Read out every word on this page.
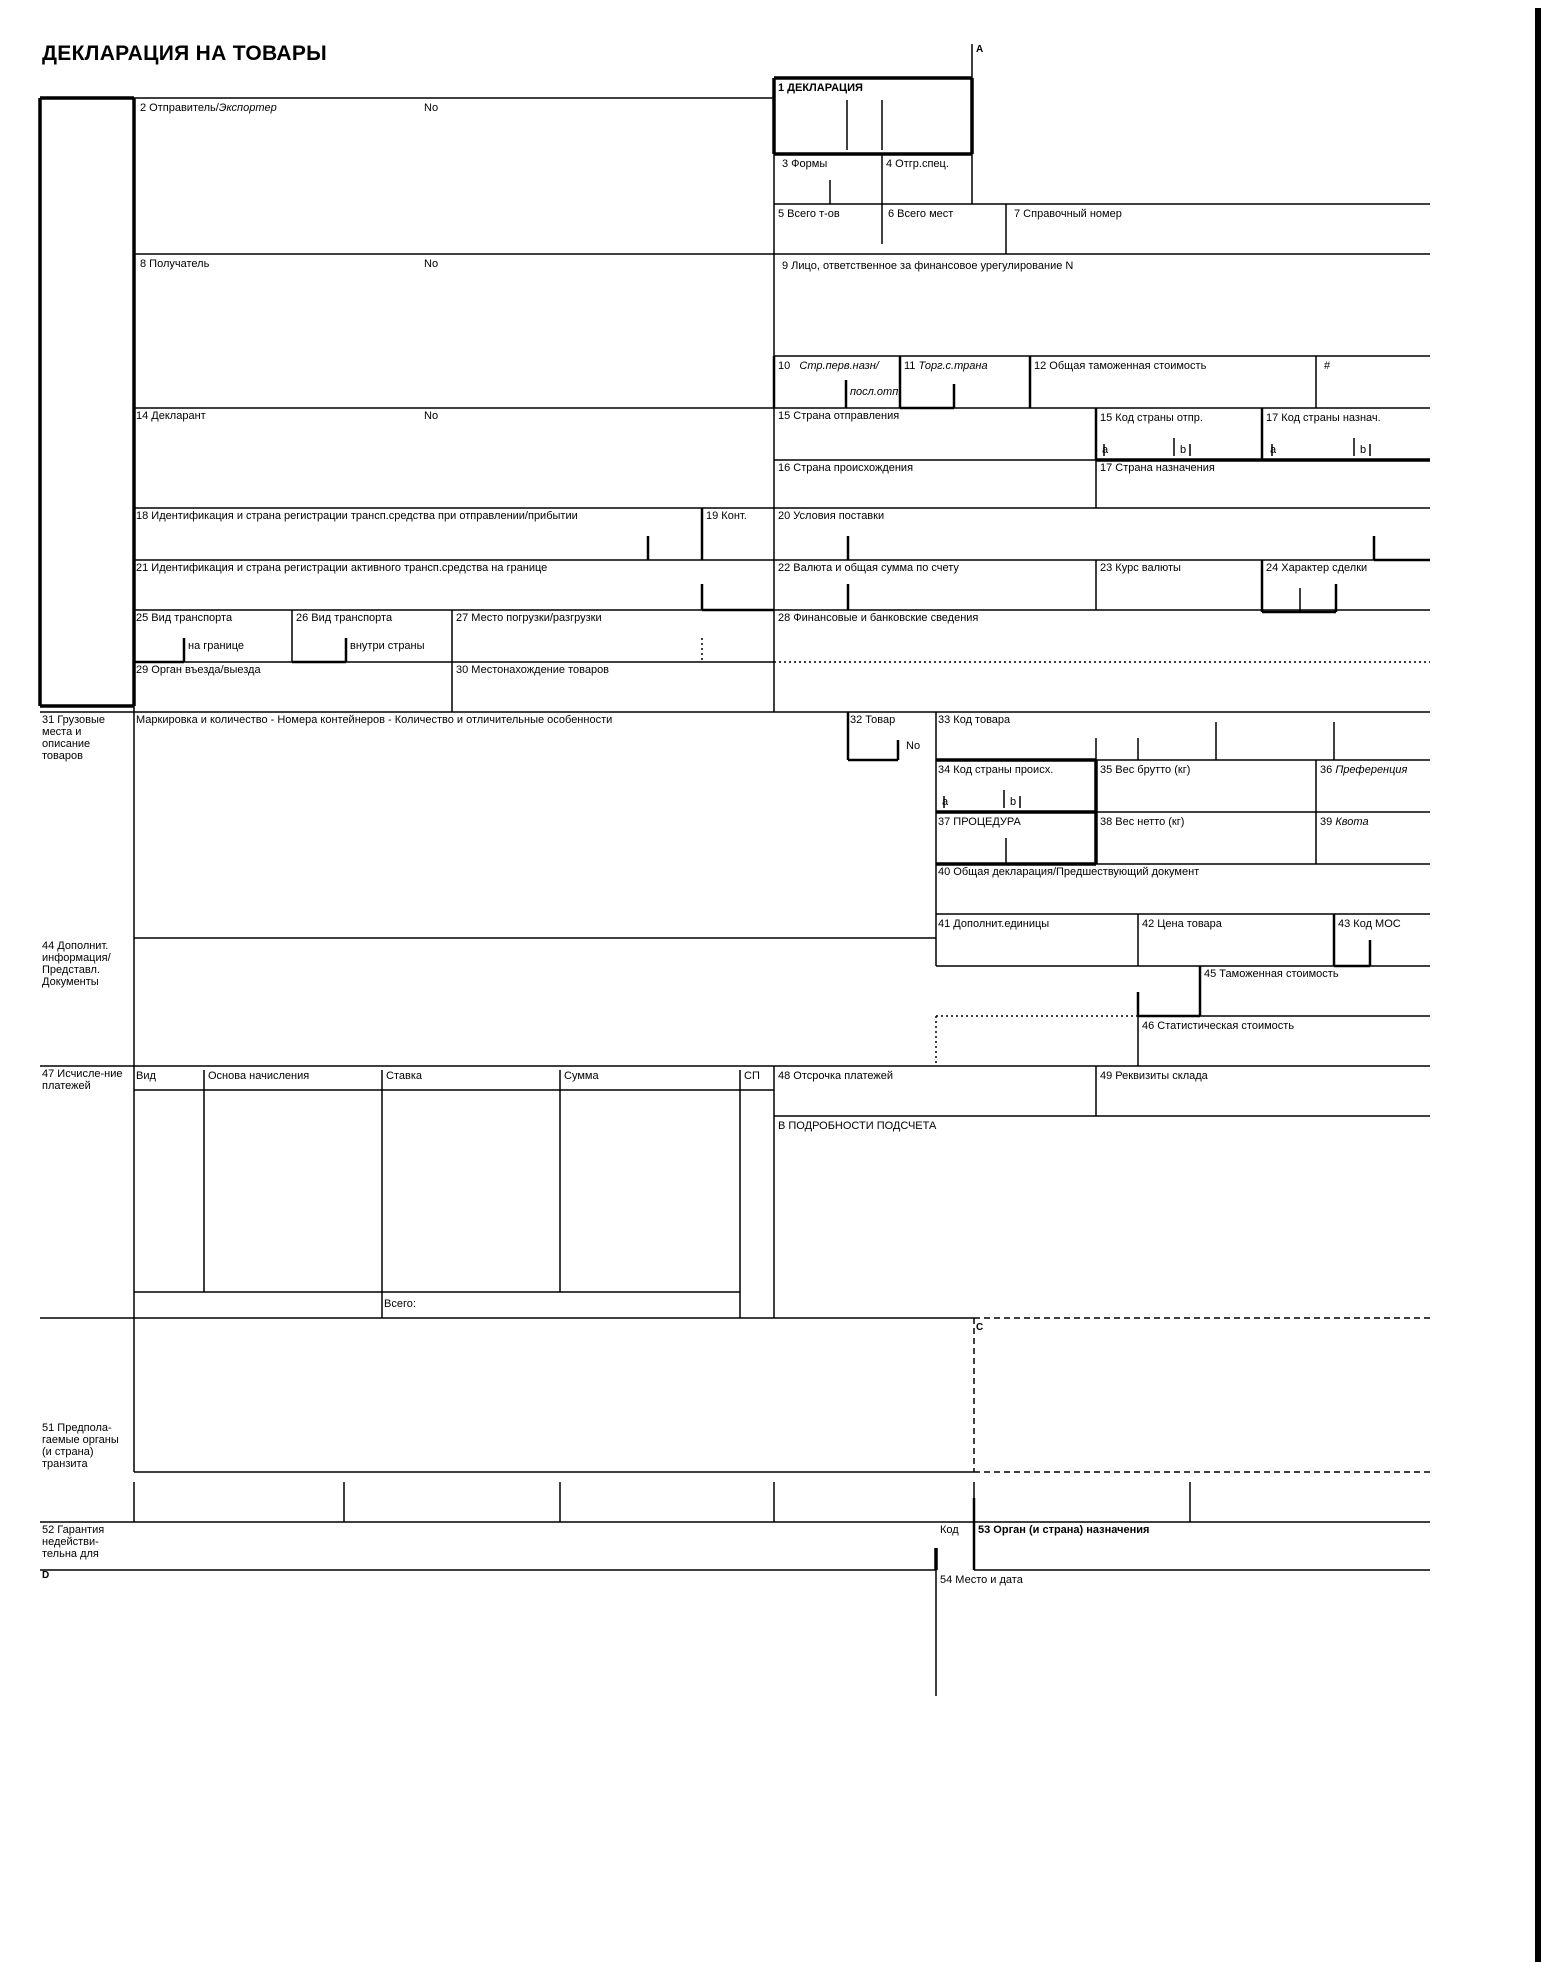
ДЕКЛАРАЦИЯ НА ТОВАРЫ	A
1 ДЕКЛАРАЦИЯ
2 Отправитель/Экспортер	No
3 Формы	4 Отгр.спец.
5 Всего т-ов	6 Всего мест	7 Справочный номер
8 Получатель	No	9 Лицо, ответственное за финансовое урегулирование N
10 Стр.перв.назн/
посл.отп.
11 Торг.с.трана	12 Общая таможенная стоимость	#
14 Декларант	No	15 Страна отправления	15 Код страны отпр.	17 Код страны назнач.
a	b	a	b
16 Страна происхождения	17 Страна назначения
18 Идентификация и страна регистрации трансп.средства при отправлении/прибытии	19 Конт.	20 Условия поставки
21 Идентификация и страна регистрации активного трансп.средства на границе	22 Валюта и общая сумма по счету	23 Курс валюты	24 Характер сделки
25 Вид транспорта
на границе
26 Вид транспорта
внутри страны
27 Место погрузки/разгрузки	28 Финансовые и банковские сведения
29 Орган въезда/выезда	30 Местонахождение товаров
31 Грузовые места и описание товаров
Маркировка и количество - Номера контейнеров - Количество и отличительные особенности	32 Товар
No
33 Код товара
34 Код страны происх.
a	b
35 Вес брутто (кг)	36 Преференция
37 ПРОЦЕДУРА	38 Вес нетто (кг)	39 Квота
40 Общая декларация/Предшествующий документ
41 Дополнит.единицы	42 Цена товара	43 Код МОС
44 Дополнит. информация/ Представл. Документы
45 Таможенная стоимость
46 Статистическая стоимость
47 Исчисле-ние платежей
Вид	Основа начисления	Ставка	Сумма	СП
Всего:
48 Отсрочка платежей	49 Реквизиты склада
B ПОДРОБНОСТИ ПОДСЧЕТА
C
51 Предпола-гаемые органы (и страна) транзита
52 Гарантия недействи-тельна для
Код 53 Орган (и страна) назначения
D	54 Место и дата
